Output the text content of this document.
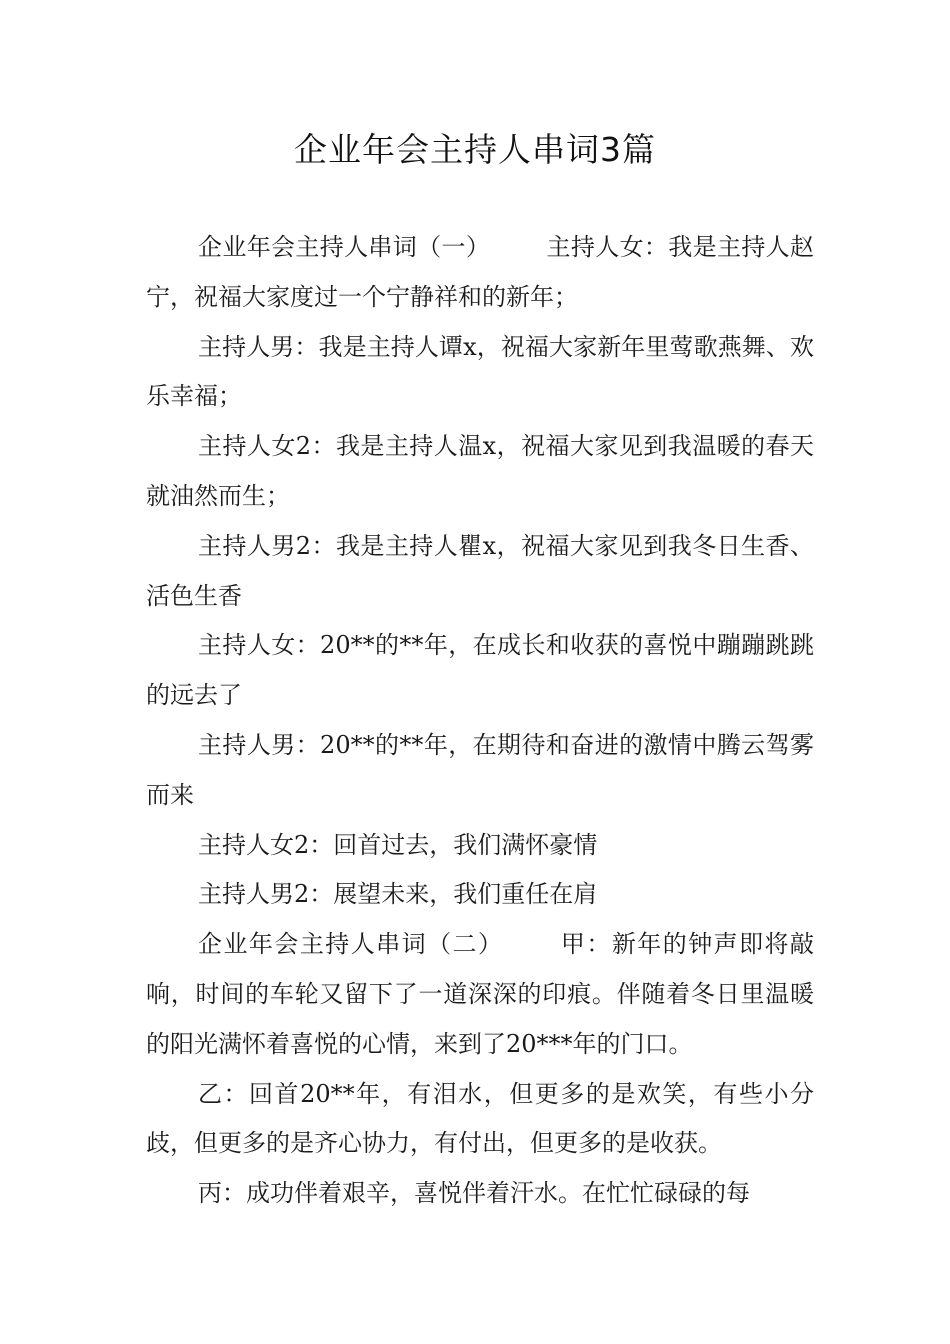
企业年会主持人串词3篇

企业年会主持人串词（一） 主持人女：我是主持人赵宁，祝福大家度过一个宁静祥和的新年；

主持人男：我是主持人谭x，祝福大家新年里莺歌燕舞、欢乐幸福；

主持人女2：我是主持人温x，祝福大家见到我温暖的春天就油然而生；

主持人男2：我是主持人瞿x，祝福大家见到我冬日生香、活色生香

主持人女：20**的**年，在成长和收获的喜悦中蹦蹦跳跳的远去了

主持人男：20**的**年，在期待和奋进的激情中腾云驾雾而来

主持人女2：回首过去，我们满怀豪情

主持人男2：展望未来，我们重任在肩

企业年会主持人串词（二） 甲：新年的钟声即将敲响，时间的车轮又留下了一道深深的印痕。伴随着冬日里温暖的阳光满怀着喜悦的心情，来到了20***年的门口。

乙：回首20**年，有泪水，但更多的是欢笑，有些小分歧，但更多的是齐心协力，有付出，但更多的是收获。

丙：成功伴着艰辛，喜悦伴着汗水。在忙忙碌碌的每
